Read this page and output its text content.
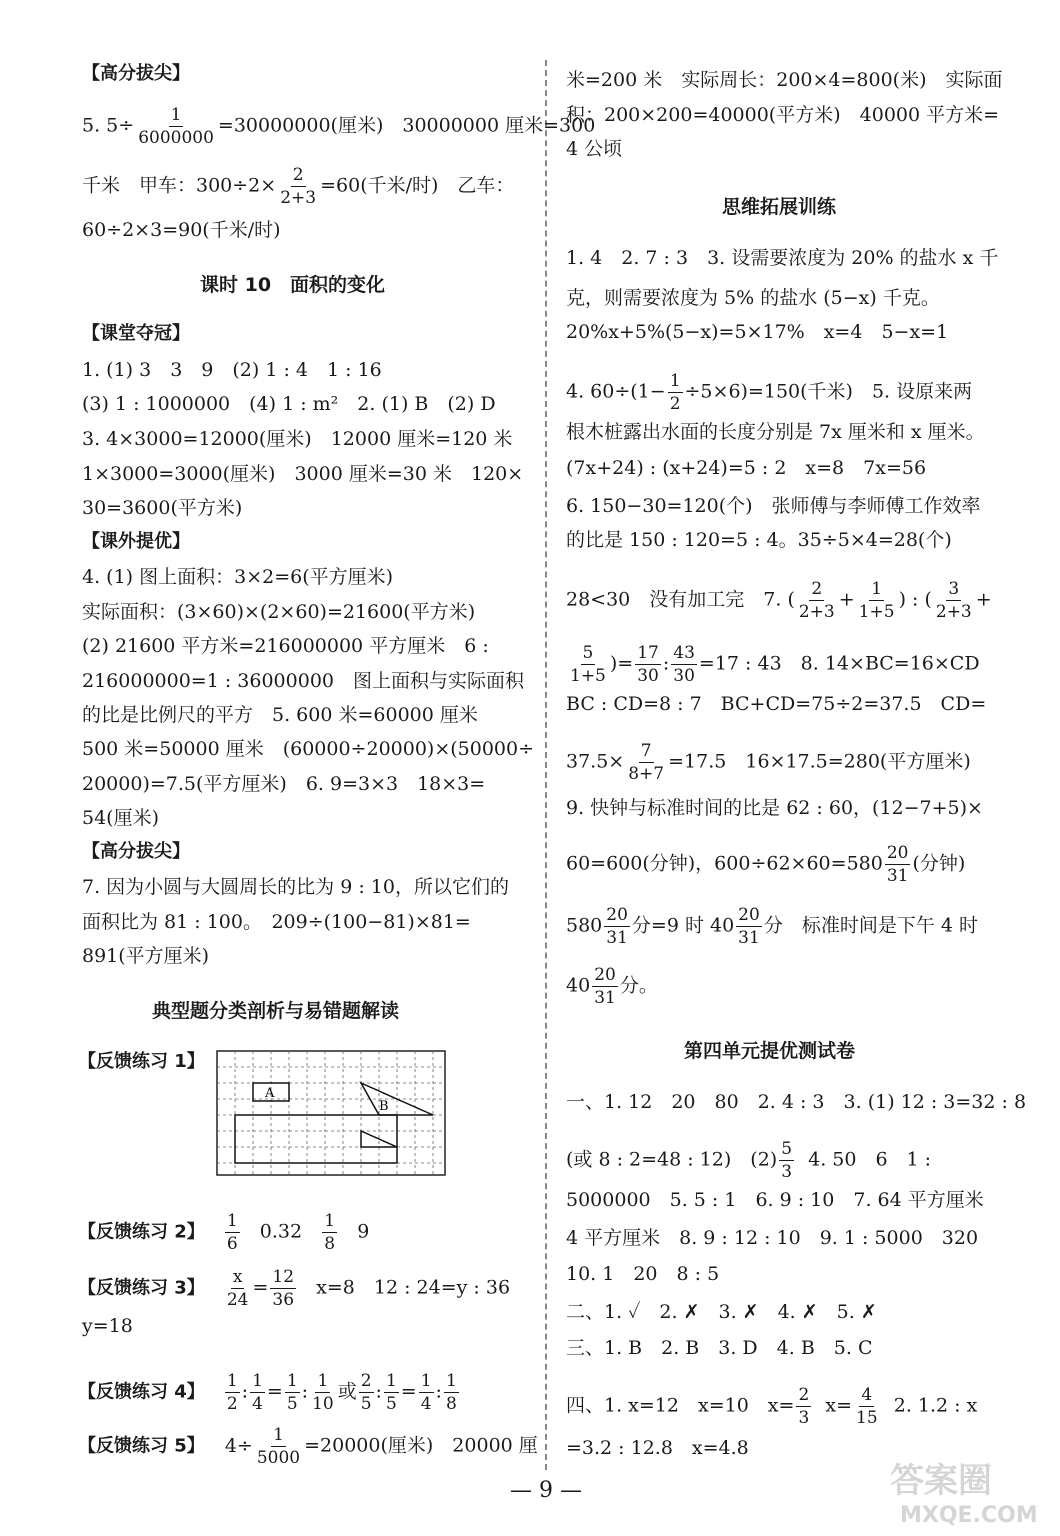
【高分拔尖】
5. $5\div \frac{1}{6000000} =30000000$(厘米)　30000000 厘米=300
千米　甲车：$300\div 2\times \frac{2}{2+3} =60$(千米/时)　乙车：
60÷2×3=90(千米/时)
课时 10　面积的变化
【课堂夺冠】
1. (1) 3　3　9　(2) 1 : 4　1 : 16
(3) 1 : 1000000　(4) 1 : m²　2. (1) B　(2) D
3. 4×3000=12000(厘米)　12000 厘米=120 米
1×3000=3000(厘米)　3000 厘米=30 米　120×
30=3600(平方米)
【课外提优】
4. (1) 图上面积：3×2=6(平方厘米)
实际面积：(3×60)×(2×60)=21600(平方米)
(2) 21600 平方米=216000000 平方厘米　6 :
216000000=1 : 36000000　图上面积与实际面积
的比是比例尺的平方　5. 600 米=60000 厘米
500 米=50000 厘米　(60000÷20000)×(50000÷
20000)=7.5(平方厘米)　6. 9=3×3　18×3=
54(厘米)
【高分拔尖】
7. 因为小圆与大圆周长的比为 9 : 10，所以它们的
面积比为 81 : 100。　209÷(100−81)×81=
891(平方厘米)
典型题分类剖析与易错题解读
【反馈练习 1】
A
B
【反馈练习 2】 $\frac{1}{6} 0.32 \frac{1}{8} 9$
【反馈练习 3】 $\frac{x}{24} = \frac{12}{36} x=8$　12 : 24=y : 36
y=18
【反馈练习 4】 $\frac{1}{2}$ : $\frac{1}{4} = \frac{1}{5}$ : $\frac{1}{10}$ 或 $\frac{2}{5}$ : $\frac{1}{5} = \frac{1}{4}$ : $\frac{1}{8}$
【反馈练习 5】 $4\div \frac{1}{5000} =20000$(厘米)　20000 厘
米=200 米　实际周长：200×4=800(米)　实际面
积：200×200=40000(平方米)　40000 平方米=
4 公顷
思维拓展训练
1. 4　2. 7 : 3　3. 设需要浓度为 20% 的盐水 x 千
克，则需要浓度为 5% 的盐水 (5−x) 千克。
20%x+5%(5−x)=5×17%　x=4　5−x=1
4. $60\div(1- \frac{1}{2} \div 5\times 6)=150$(千米)　5. 设原来两
根木桩露出水面的长度分别是 7x 厘米和 x 厘米。
(7x+24) : (x+24)=5 : 2　x=8　7x=56
6. 150−30=120(个)　张师傅与李师傅工作效率
的比是 150 : 120=5 : 4。35÷5×4=28(个)
28<30　没有加工完　7. ( $\frac{2}{2+3} + \frac{1}{1+5}$ ) : ( $\frac{3}{2+3}$ +
$\frac{5}{1+5}$ )= $\frac{17}{30}$ : $\frac{43}{30} =17$ : 43　8. 14×BC=16×CD
BC : CD=8 : 7　BC+CD=75÷2=37.5　CD=
$37.5\times \frac{7}{8+7} =17.5$　16×17.5=280(平方厘米)
9. 快钟与标准时间的比是 62 : 60，(12−7+5)×
60=600(分钟)，$600\div 62\times 60=580 \frac{20}{31}$ (分钟)
$580 \frac{20}{31}$ 分=9 时 $40 \frac{20}{31}$ 分　标准时间是下午 4 时
$40 \frac{20}{31}$ 分。
第四单元提优测试卷
一、1. 12　20　80　2. 4 : 3　3. (1) 12 : 3=32 : 8
(或 8 : 2=48 : 12)　$(2) \frac{5}{3} 4$. 50　6　1 :
5000000　5. 5 : 1　6. 9 : 10　7. 64 平方厘米
4 平方厘米　8. 9 : 12 : 10　9. 1 : 5000　320
10. 1　20　8 : 5
二、1. ✓　2. ✗　3. ✗　4. ✗　5. ✗
三、1. B　2. B　3. D　4. B　5. C
四、1. x=12　x=10　$x= \frac{2}{3} x= \frac{4}{15} 2$. 1.2 : x
=3.2 : 12.8　x=4.8
— 9 —	答案圈
MXQE.COM
